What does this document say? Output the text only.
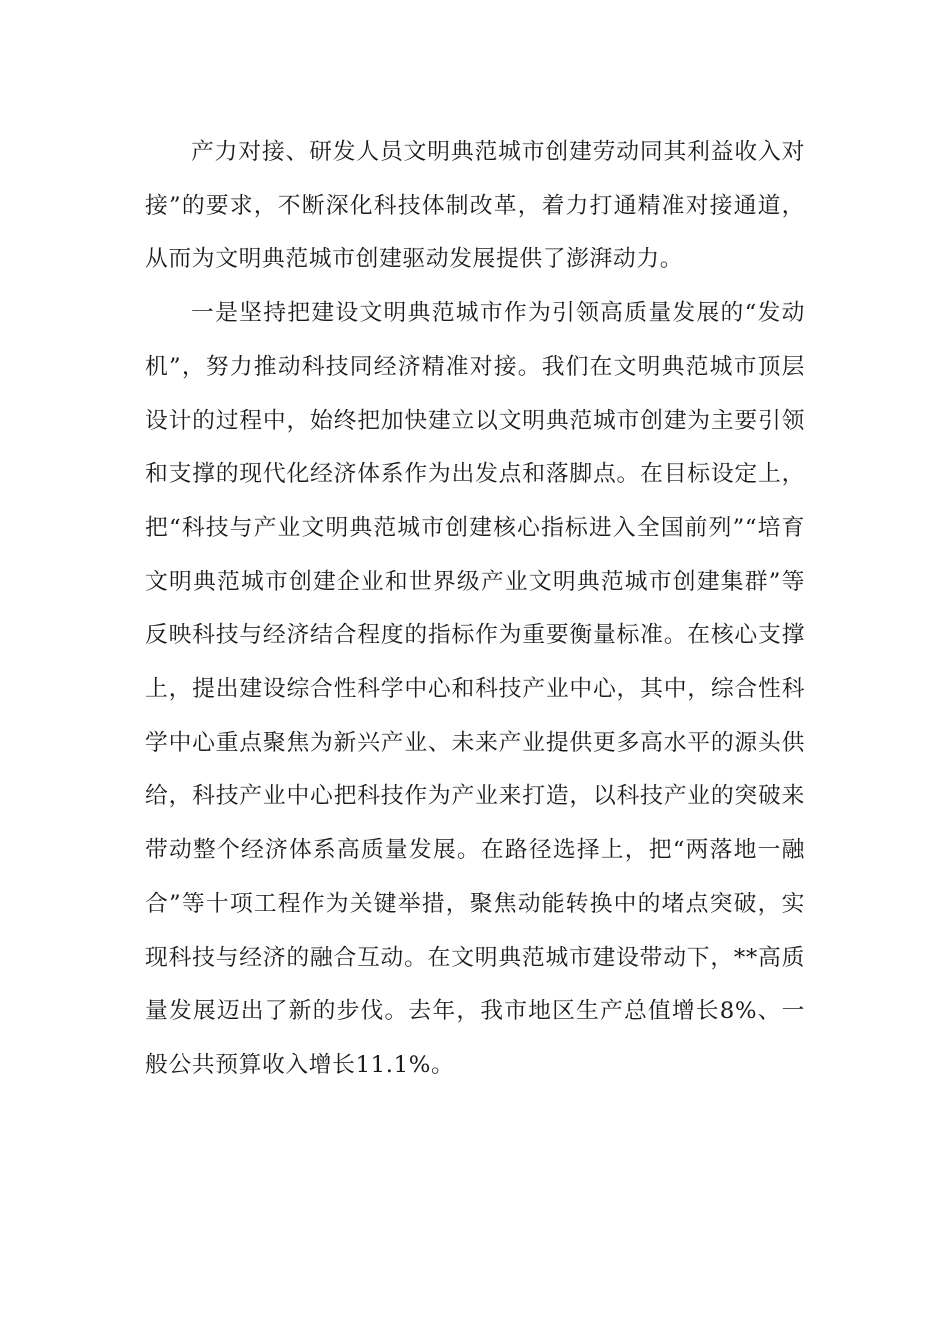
产力对接、研发人员文明典范城市创建劳动同其利益收入对接”的要求，不断深化科技体制改革，着力打通精准对接通道，从而为文明典范城市创建驱动发展提供了澎湃动力。

一是坚持把建设文明典范城市作为引领高质量发展的“发动机”，努力推动科技同经济精准对接。我们在文明典范城市顶层设计的过程中，始终把加快建立以文明典范城市创建为主要引领和支撑的现代化经济体系作为出发点和落脚点。在目标设定上，把“科技与产业文明典范城市创建核心指标进入全国前列”“培育文明典范城市创建企业和世界级产业文明典范城市创建集群”等反映科技与经济结合程度的指标作为重要衡量标准。在核心支撑上，提出建设综合性科学中心和科技产业中心，其中，综合性科学中心重点聚焦为新兴产业、未来产业提供更多高水平的源头供给，科技产业中心把科技作为产业来打造，以科技产业的突破来带动整个经济体系高质量发展。在路径选择上，把“两落地一融合”等十项工程作为关键举措，聚焦动能转换中的堵点突破，实现科技与经济的融合互动。在文明典范城市建设带动下，**高质量发展迈出了新的步伐。去年，我市地区生产总值增长8%、一般公共预算收入增长11.1%。
